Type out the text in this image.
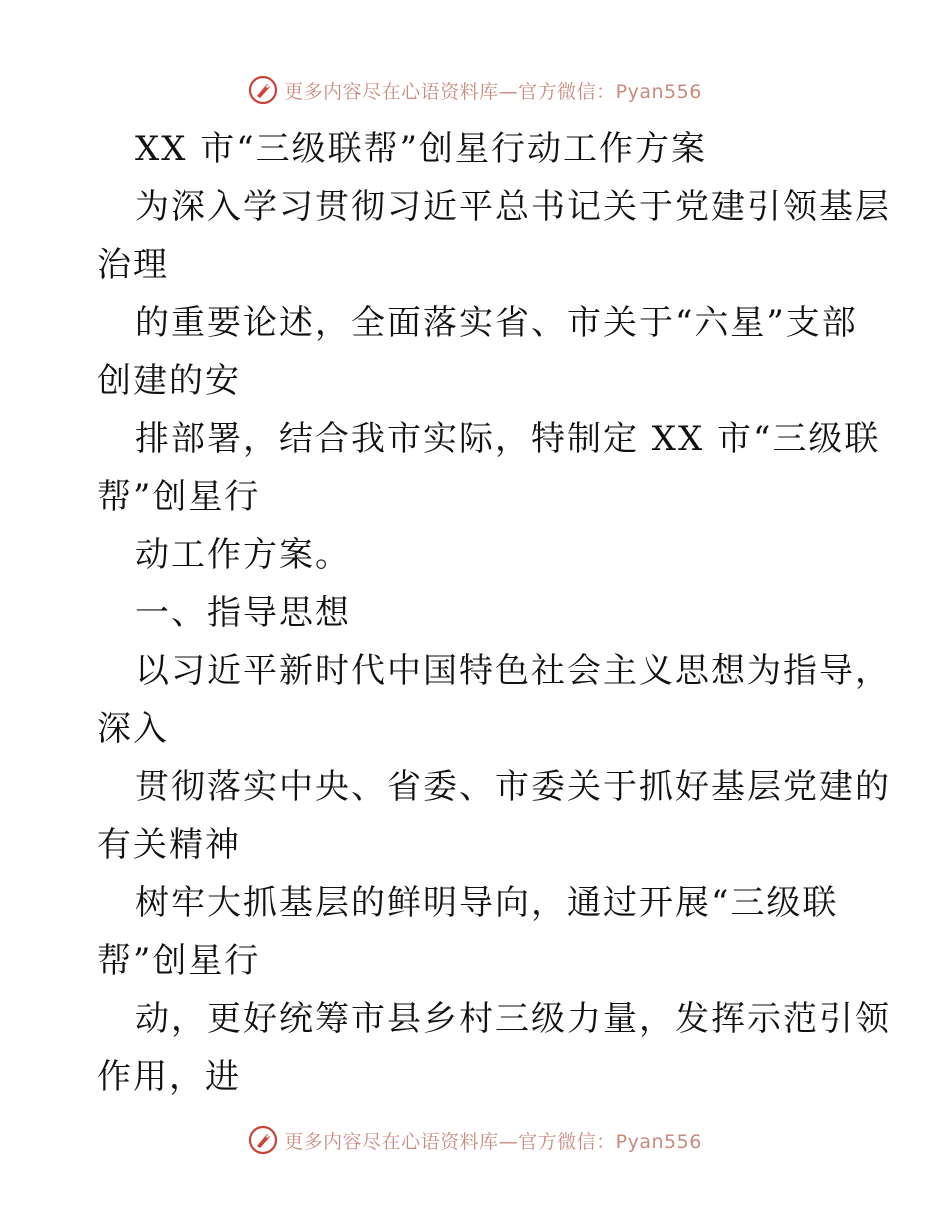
更多内容尽在心语资料库—官方微信：Pyan556
XX 市“三级联帮”创星行动工作方案
为深入学习贯彻习近平总书记关于党建引领基层
治理
的重要论述，全面落实省、市关于“六星”支部
创建的安
排部署，结合我市实际，特制定 XX 市“三级联
帮”创星行
动工作方案。
一、指导思想
以习近平新时代中国特色社会主义思想为指导，
深入
贯彻落实中央、省委、市委关于抓好基层党建的
有关精神
树牢大抓基层的鲜明导向，通过开展“三级联
帮”创星行
动，更好统筹市县乡村三级力量，发挥示范引领
作用，进
更多内容尽在心语资料库—官方微信：Pyan556
